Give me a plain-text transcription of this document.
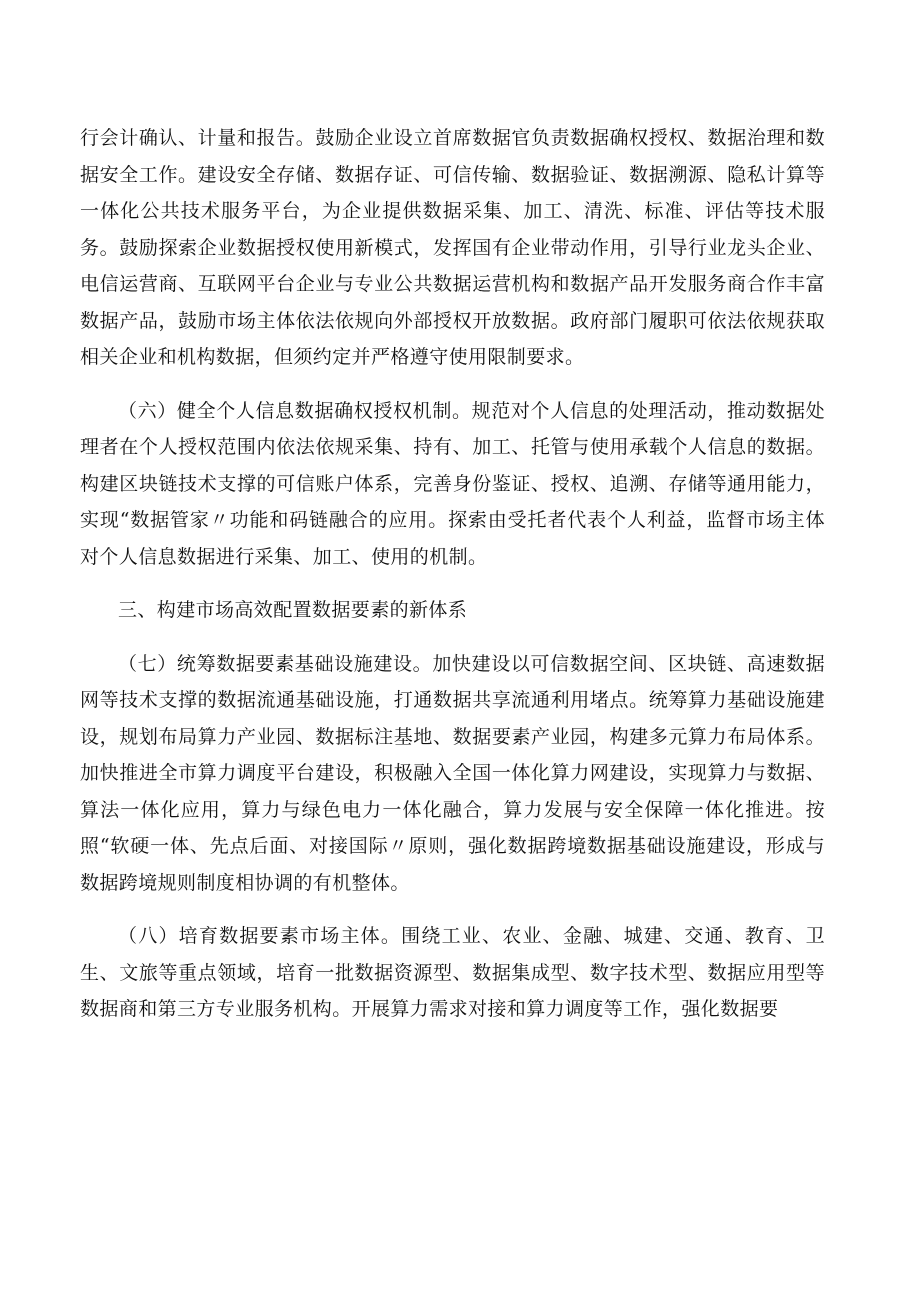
行会计确认、计量和报告。鼓励企业设立首席数据官负责数据确权授权、数据治理和数据安全工作。建设安全存储、数据存证、可信传输、数据验证、数据溯源、隐私计算等一体化公共技术服务平台，为企业提供数据采集、加工、清洗、标准、评估等技术服务。鼓励探索企业数据授权使用新模式，发挥国有企业带动作用，引导行业龙头企业、电信运营商、互联网平台企业与专业公共数据运营机构和数据产品开发服务商合作丰富数据产品，鼓励市场主体依法依规向外部授权开放数据。政府部门履职可依法依规获取相关企业和机构数据，但须约定并严格遵守使用限制要求。

（六）健全个人信息数据确权授权机制。规范对个人信息的处理活动，推动数据处理者在个人授权范围内依法依规采集、持有、加工、托管与使用承载个人信息的数据。构建区块链技术支撑的可信账户体系，完善身份鉴证、授权、追溯、存储等通用能力，实现“数据管家〃功能和码链融合的应用。探索由受托者代表个人利益，监督市场主体对个人信息数据进行采集、加工、使用的机制。

三、构建市场高效配置数据要素的新体系

（七）统筹数据要素基础设施建设。加快建设以可信数据空间、区块链、高速数据网等技术支撑的数据流通基础设施，打通数据共享流通利用堵点。统筹算力基础设施建设，规划布局算力产业园、数据标注基地、数据要素产业园，构建多元算力布局体系。加快推进全市算力调度平台建设，积极融入全国一体化算力网建设，实现算力与数据、算法一体化应用，算力与绿色电力一体化融合，算力发展与安全保障一体化推进。按照“软硬一体、先点后面、对接国际〃原则，强化数据跨境数据基础设施建设，形成与数据跨境规则制度相协调的有机整体。

（八）培育数据要素市场主体。围绕工业、农业、金融、城建、交通、教育、卫生、文旅等重点领域，培育一批数据资源型、数据集成型、数字技术型、数据应用型等数据商和第三方专业服务机构。开展算力需求对接和算力调度等工作，强化数据要
